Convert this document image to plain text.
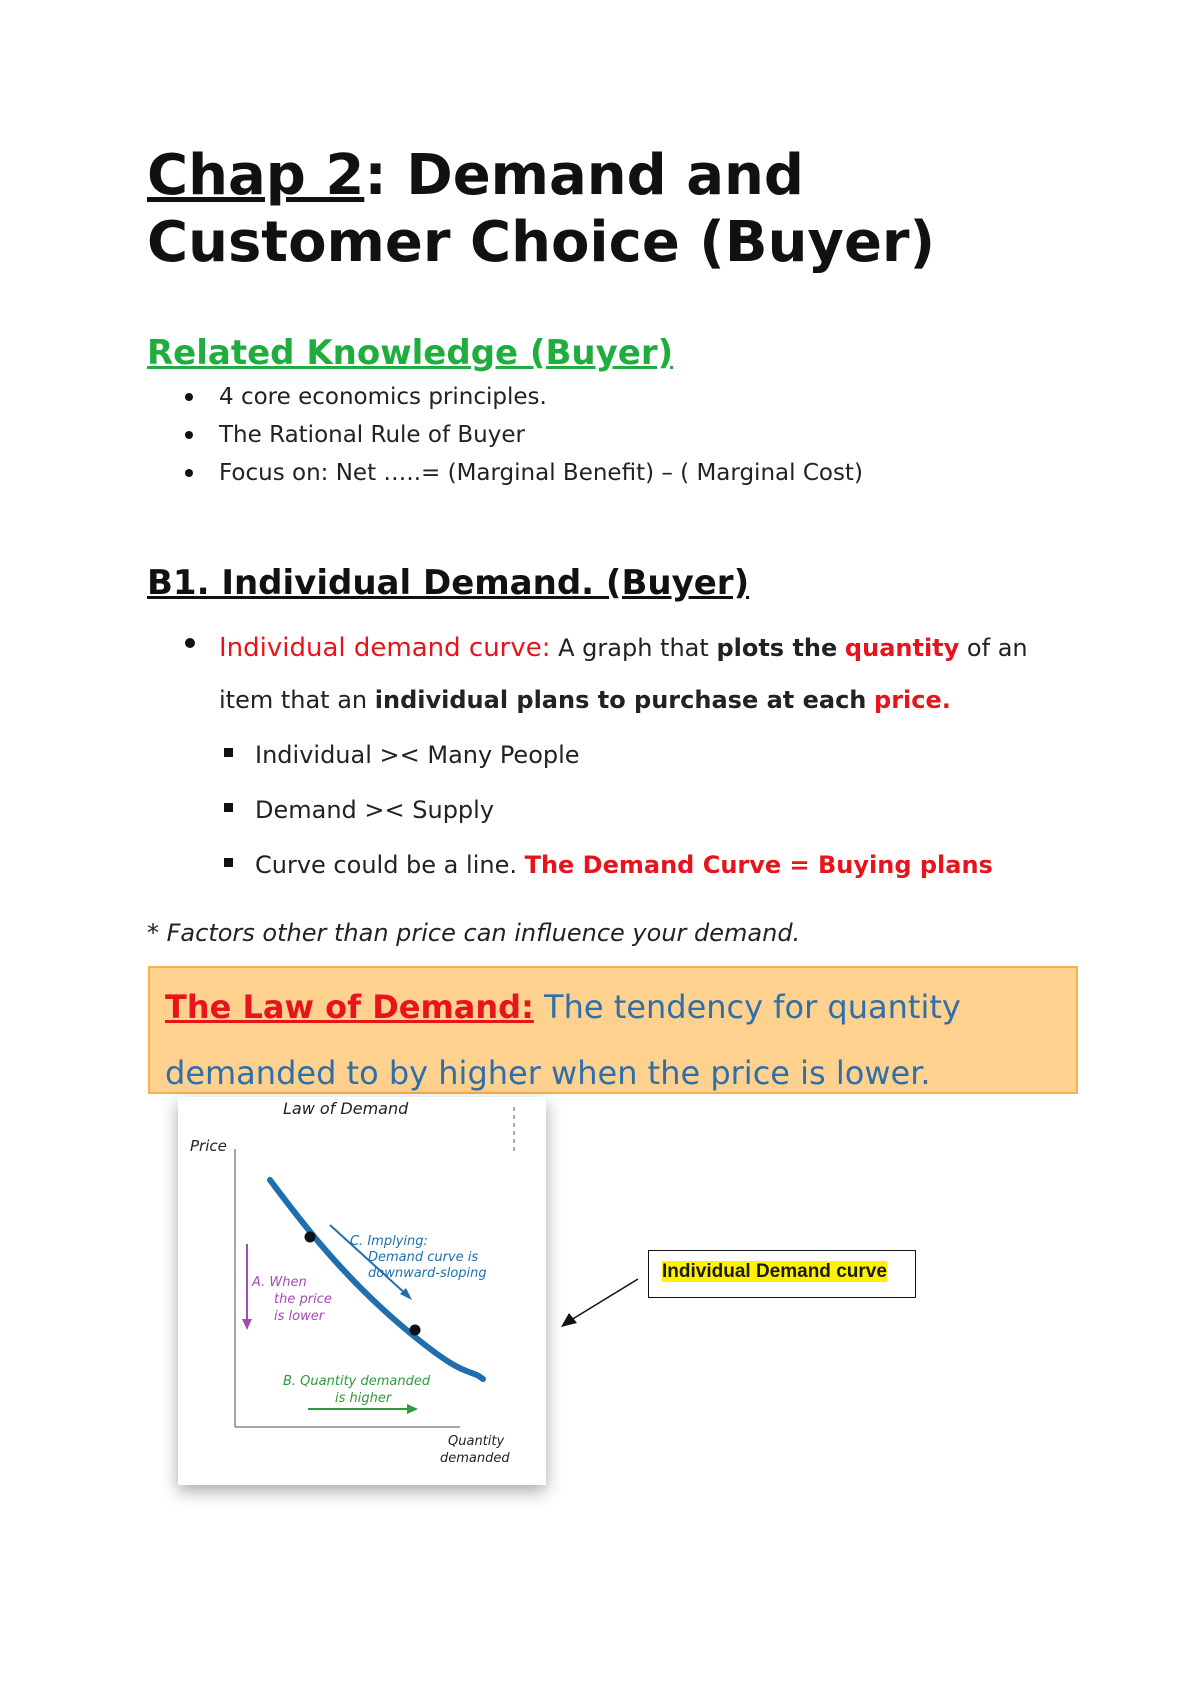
Chap 2: Demand and Customer Choice (Buyer)
Related Knowledge (Buyer)
4 core economics principles.
The Rational Rule of Buyer
Focus on: Net …..= (Marginal Benefit) – ( Marginal Cost)
B1. Individual Demand. (Buyer)

Individual demand curve: A graph that plots the quantity of an item that an individual plans to purchase at each price.

Individual >< Many People
Demand >< Supply
Curve could be a line. The Demand Curve = Buying plans

* Factors other than price can influence your demand.

The Law of Demand: The tendency for quantity demanded to by higher when the price is lower.

Law of Demand
Price
A. When
the price
is lower
C. Implying:
Demand curve is
downward-sloping
B. Quantity demanded
is higher
Quantity
demanded
Individual Demand curve
